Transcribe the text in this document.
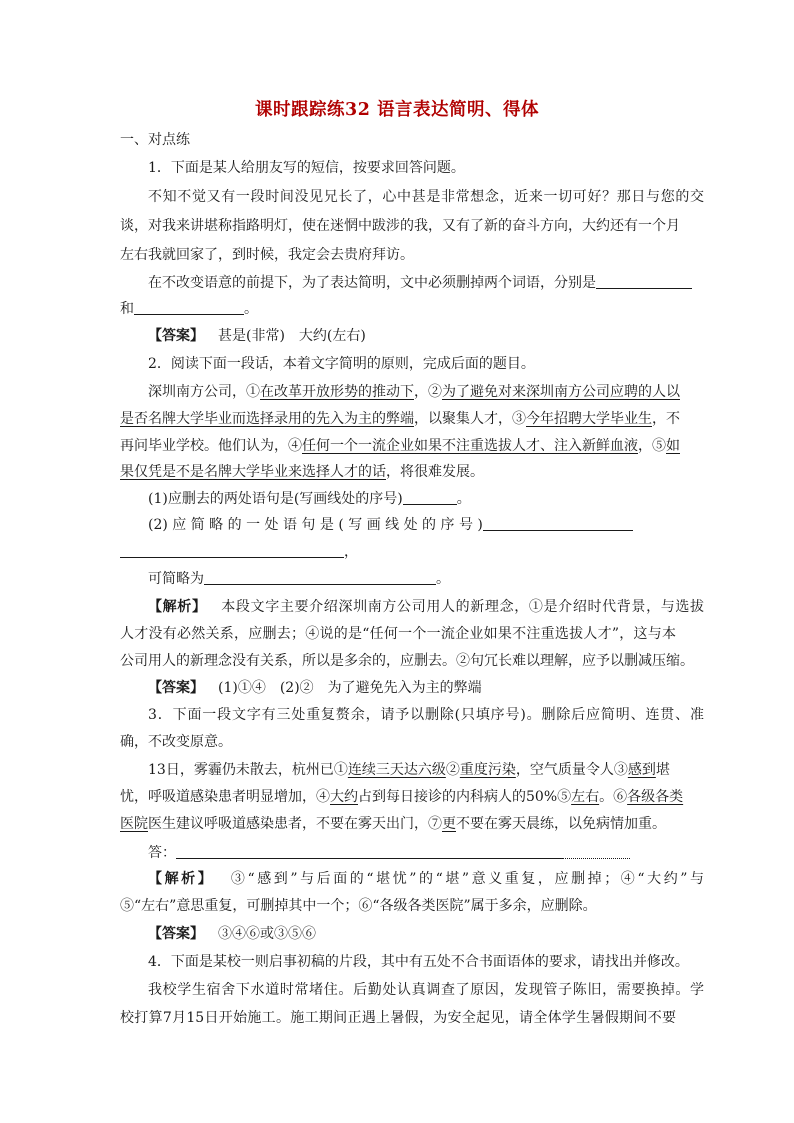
课时跟踪练32 语言表达简明、得体
一、对点练
1．下面是某人给朋友写的短信，按要求回答问题。
不知不觉又有一段时间没见兄长了，心中甚是非常想念，近来一切可好？那日与您的交
谈，对我来讲堪称指路明灯，使在迷惘中跋涉的我，又有了新的奋斗方向，大约还有一个月
左右我就回家了，到时候，我定会去贵府拜访。
在不改变语意的前提下，为了表达简明，文中必须删掉两个词语，分别是
和	。
【答案】 甚是(非常)　大约(左右)
2．阅读下面一段话，本着文字简明的原则，完成后面的题目。
深圳南方公司，①在改革开放形势的推动下，②为了避免对来深圳南方公司应聘的人以
是否名牌大学毕业而选择录用的先入为主的弊端，以聚集人才，③今年招聘大学毕业生，不
再问毕业学校。他们认为，④任何一个一流企业如果不注重选拔人才、注入新鲜血液，⑤如
果仅凭是不是名牌大学毕业来选择人才的话，将很难发展。
(1)应删去的两处语句是(写画线处的序号)	。
(2) 应 简 略 的 一 处 语 句 是 ( 写 画 线 处 的 序 号 )
，
可简略为	。
【解析】 本段文字主要介绍深圳南方公司用人的新理念，①是介绍时代背景，与选拔
人才没有必然关系，应删去；④说的是“任何一个一流企业如果不注重选拔人才”，这与本
公司用人的新理念没有关系，所以是多余的，应删去。②句冗长难以理解，应予以删减压缩。
【答案】 (1)①④　(2)②　为了避免先入为主的弊端
3．下面一段文字有三处重复赘余，请予以删除(只填序号)。删除后应简明、连贯、准
确，不改变原意。
13日，雾霾仍未散去，杭州已①连续三天达六级②重度污染，空气质量令人③感到堪
忧，呼吸道感染患者明显增加，④大约占到每日接诊的内科病人的50%⑤左右。⑥各级各类
医院医生建议呼吸道感染患者，不要在雾天出门，⑦更不要在雾天晨练，以免病情加重。
答：
【解析】 ③“感到”与后面的“堪忧”的“堪”意义重复，应删掉；④“大约”与
⑤“左右”意思重复，可删掉其中一个；⑥“各级各类医院”属于多余，应删除。
【答案】 ③④⑥或③⑤⑥
4．下面是某校一则启事初稿的片段，其中有五处不合书面语体的要求，请找出并修改。
我校学生宿舍下水道时常堵住。后勤处认真调查了原因，发现管子陈旧，需要换掉。学
校打算7月15日开始施工。施工期间正遇上暑假，为安全起见，请全体学生暑假期间不要
